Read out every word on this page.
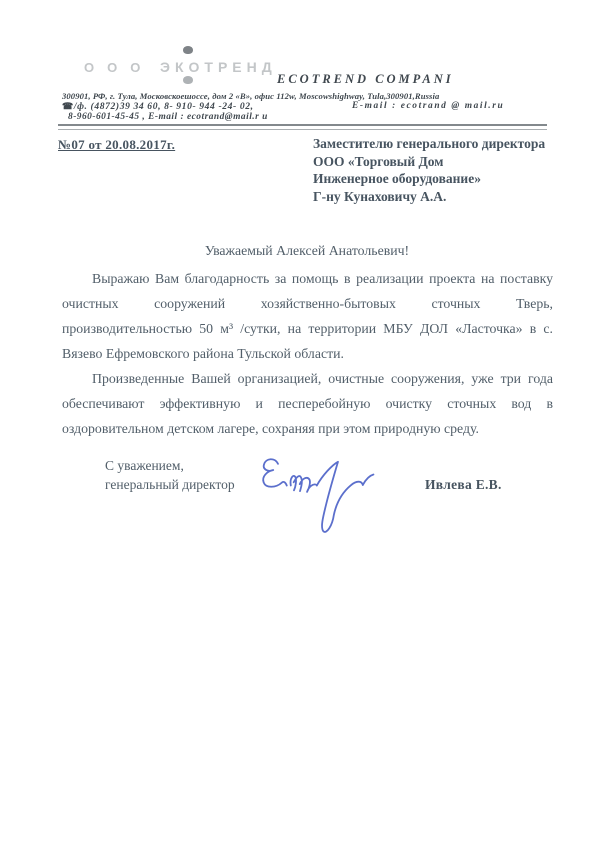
ООО ЭКОТРЕНД
ECOTREND COMPANI
300901, РФ, г. Тула, Московскоешоссе, дом 2 «В», офис 112w, Moscowshighway, Tula,300901,Russia
☎/ф. (4872)39 34 60, 8- 910- 944 -24- 02,
8-960-601-45-45 , E-mail : ecotrand@mail.r u
E-mail : ecotrand @ mail.ru
№07 от 20.08.2017г.	Заместителю генерального директора
ООО «Торговый Дом
Инженерное оборудование»
Г-ну Кунаховичу А.А.
Уважаемый Алексей Анатольевич!

Выражаю Вам благодарность за помощь в реализации проекта на поставку очистных сооружений хозяйственно-бытовых сточных Тверь, производительностью 50 м³ /сутки, на территории МБУ ДОЛ «Ласточка» в с. Вязево Ефремовского района Тульской области.

Произведенные Вашей организацией, очистные сооружения, уже три года обеспечивают эффективную и песперебойную очистку сточных вод в оздоровительном детском лагере, сохраняя при этом природную среду.

С уважением,
генеральный директор	Ивлева Е.В.
